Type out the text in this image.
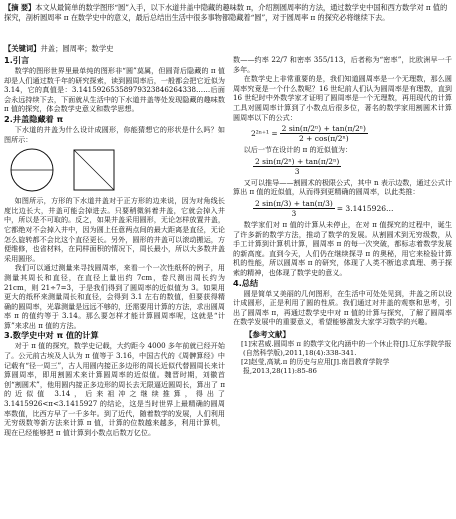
【摘 要】本文从最简单的数学图形“圆”入手，以下水道井盖中隐藏的趣味数 π，介绍割圆周率的方法，通过数学史中国和西方数学对 π 值的探究，剖析圆周率 π 在数学史中的意义，最后总结出生活中很多事物都隐藏着“圆”，对于圆周率 π 的探究必将继续下去。
【关键词】井盖；圆周率；数学史
1.引言

数学的图形世界里最单纯的图形非“圆”莫属，但圆背后隐藏的 π 值却是人们通过数千年的研究探索，读到圆周率后，一般都会把它近似为 3.14，它的真值是：3.14159265358979323846264338……后面会永远持续下去，下面就从生活中的下水道井盖等处发现隐藏的趣味数 π 值的探究，体会数学史意义和数学思想。

2.井盖隐藏着 π

下水道的井盖为什么设计成圆形，你能猜想它的形状是什么吗？如图所示：

如图所示，方形的下水道井盖对于正方形的边来说，因为对角线长度比边长大，井盖可能会掉进去。只要稍微斜着井盖，它就会掉入井中，所以是不可取的。反之，如果井盖采用圆形，无论怎样放置井盖，它都绝对不会掉入井中，因为圆上任意两点间的最大距离是直径，无论怎么旋转都不会比这个直径更长。另外，圆形的井盖可以滚动搬运，方便维修，也省材料，在同样面积的情况下，周长最小，所以大多数井盖采用圆形。

我们可以通过测量来寻找圆周率，来看一个一次性纸杯的例子，用测量其周长和直径，在直径上量出约 7cm，卷尺测出周长约为 21cm，则 21÷7=3，于是我们得到了圆周率的近似值为 3。如果用更大的纸杯来测量周长和直径，会得到 3.1 左右的数值，但要获得精确的圆周率，光靠测量是远远不够的，还需要用计算的方法，求出圆周率 π 的值约等于 3.14。那么要怎样才能计算圆周率呢，这就是“计算”来求出 π 值的方法。

3.数学史中对 π 值的计算

对于 π 值的探究，数学史记载，大约距今 4000 多年前就已经开始了。公元前古埃及人认为 π 值等于 3.16，中国古代的《周髀算经》中记载有“径一周三”，古人用圆内接正多边形的周长近似代替圆周长来计算圆周率，即用割圆术来计算圆周率的近似值。魏晋时期，刘徽首创“割圆术”，他用圆内接正多边形的周长去无限逼近圆周长，算出了 π 的近似值 3.14，后来祖冲之继续推算，得出了 3.1415926<π<3.1415927 的结论，这是当时世界上最精确的圆周率数值，比西方早了一千多年。到了近代，随着数学的发展，人们利用无穷级数等新方法来计算 π 值，计算的位数越来越多，利用计算机，现在已经能够把 π 值计算到小数点后数万亿位。

数——约率 22/7 和密率 355/113，后者称为“密率”，比欧洲早一千多年。

在数学史上非常重要的是，我们知道圆周率是一个无理数，那么圆周率究竟是一个什么数呢？16 世纪前人们认为圆周率是有理数，直到 16 世纪时中外数学家才证明了圆周率是一个无理数，再用现代的计算工具对圆周率计算到了小数点后很多位，著名的数学家用割圆术计算圆周率以下的公式：

$2^{2n+1} = \frac{\text{2 sin(π/2ⁿ) + tan(π/2ⁿ)}}{\text{2 + cos(π/2ⁿ)}}$

以后一节在设计的 π 的近似值为：

$\frac{\text{2 sin(π/2ⁿ) + tan(π/2ⁿ)}}{3}$

又可以推导——割圆术的极限公式，其中 n 表示边数，通过公式计算出 π 值的近似值，从而得到更精确的圆周率，以此类推：

$\frac{2 \sin(\pi/3) + \tan(\pi/3)}{3}$ = 3.1415926…

数学家们对 π 值的计算从未停止，在对 π 值探究的过程中，诞生了许多新的数学方法，推动了数学的发展。从割圆术到无穷级数，从手工计算到计算机计算，圆周率 π 的每一次突破，都标志着数学发展的新高度。直到今天，人们仍在继续探寻 π 的奥秘，用它来检验计算机的性能，所以圆周率 π 的研究，体现了人类不断追求真理、勇于探索的精神，也体现了数学史的意义。

4.总结

圆是简单又美丽的几何图形，在生活中可处处见到，井盖之所以设计成圆形，正是利用了圆的性质。我们通过对井盖的观察和思考，引出了圆周率 π，再通过数学史中对 π 值的计算与探究，了解了圆周率在数学发展中的重要意义，希望能够激发大家学习数学的兴趣。

【参考文献】
[1]宋君威.圆周率 π 的数学文化内涵中的一个休止符[J].辽东学院学报(自然科学版),2011,18(4):338-341.
[2]赵莹,高斌.π 的历史与应用[J].南昌教育学院学报,2013,28(11):85-86
